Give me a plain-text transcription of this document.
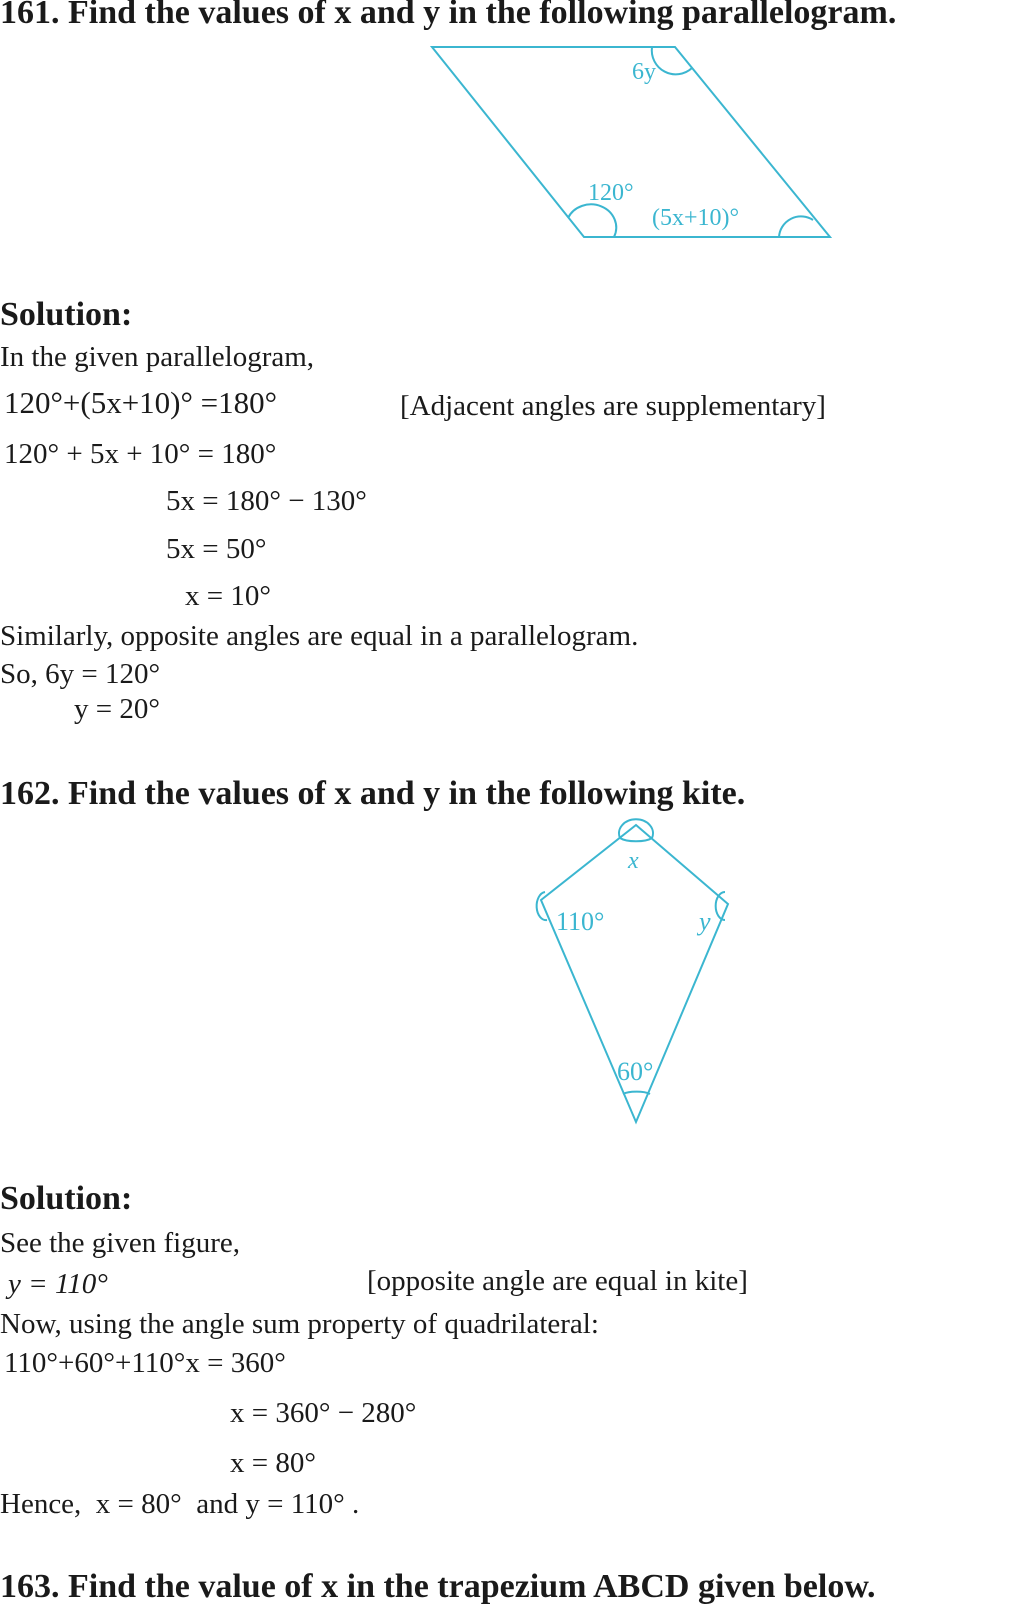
161. Find the values of x and y in the following parallelogram.
6y
120°
(5x+10)°
Solution:
In the given parallelogram,
120°+(5x+10)° =180°	[Adjacent angles are supplementary]
120° + 5x + 10° = 180°
5x = 180° − 130°
5x = 50°
x = 10°
Similarly, opposite angles are equal in a parallelogram.
So, 6y = 120°
y = 20°
162. Find the values of x and y in the following kite.
x
110°	y
60°
Solution:
See the given figure,
y = 110°	[opposite angle are equal in kite]
Now, using the angle sum property of quadrilateral:
110°+60°+110°x = 360°
x = 360° − 280°
x = 80°
Hence,  x = 80°  and y = 110° .
163. Find the value of x in the trapezium ABCD given below.
